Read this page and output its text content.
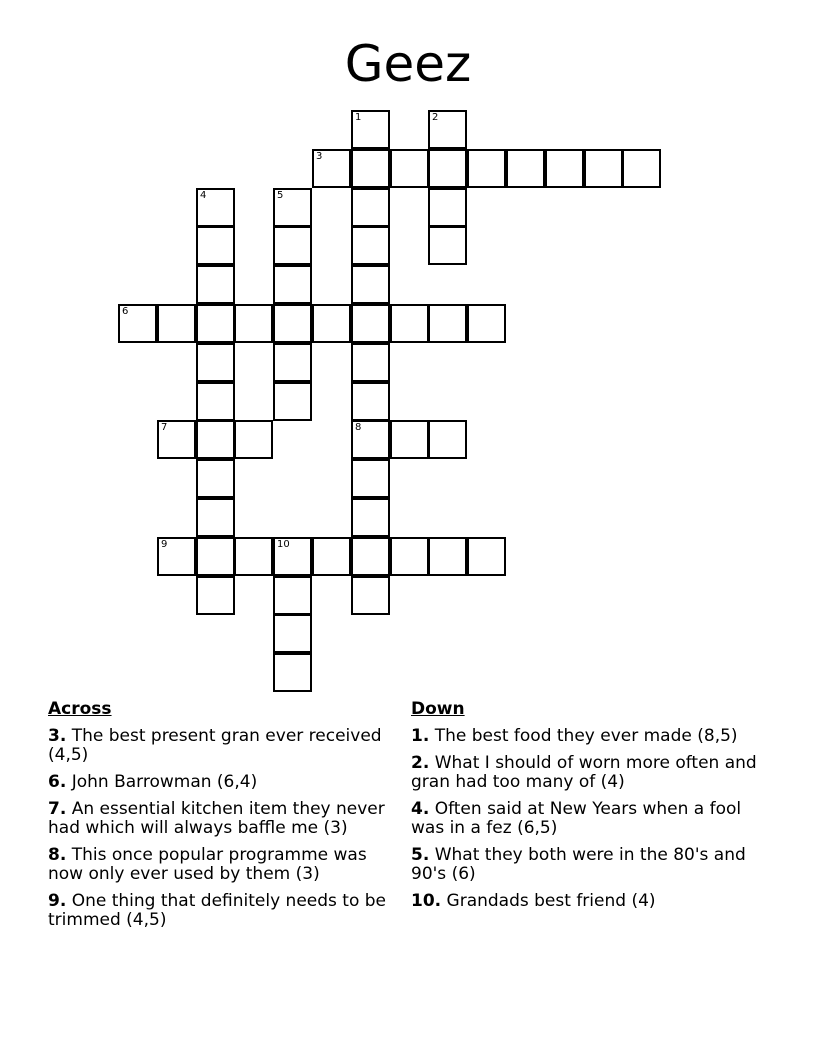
Geez
1
8
2
3
4	5
6
7
9	10
Across
3. The best present gran ever received (4,5)
6. John Barrowman (6,4)
7. An essential kitchen item they never had which will always baffle me (3)
8. This once popular programme was now only ever used by them (3)
9. One thing that definitely needs to be trimmed (4,5)
Down
1. The best food they ever made (8,5)
2. What I should of worn more often and gran had too many of (4)
4. Often said at New Years when a fool was in a fez (6,5)
5. What they both were in the 80's and 90's (6)
10. Grandads best friend (4)
